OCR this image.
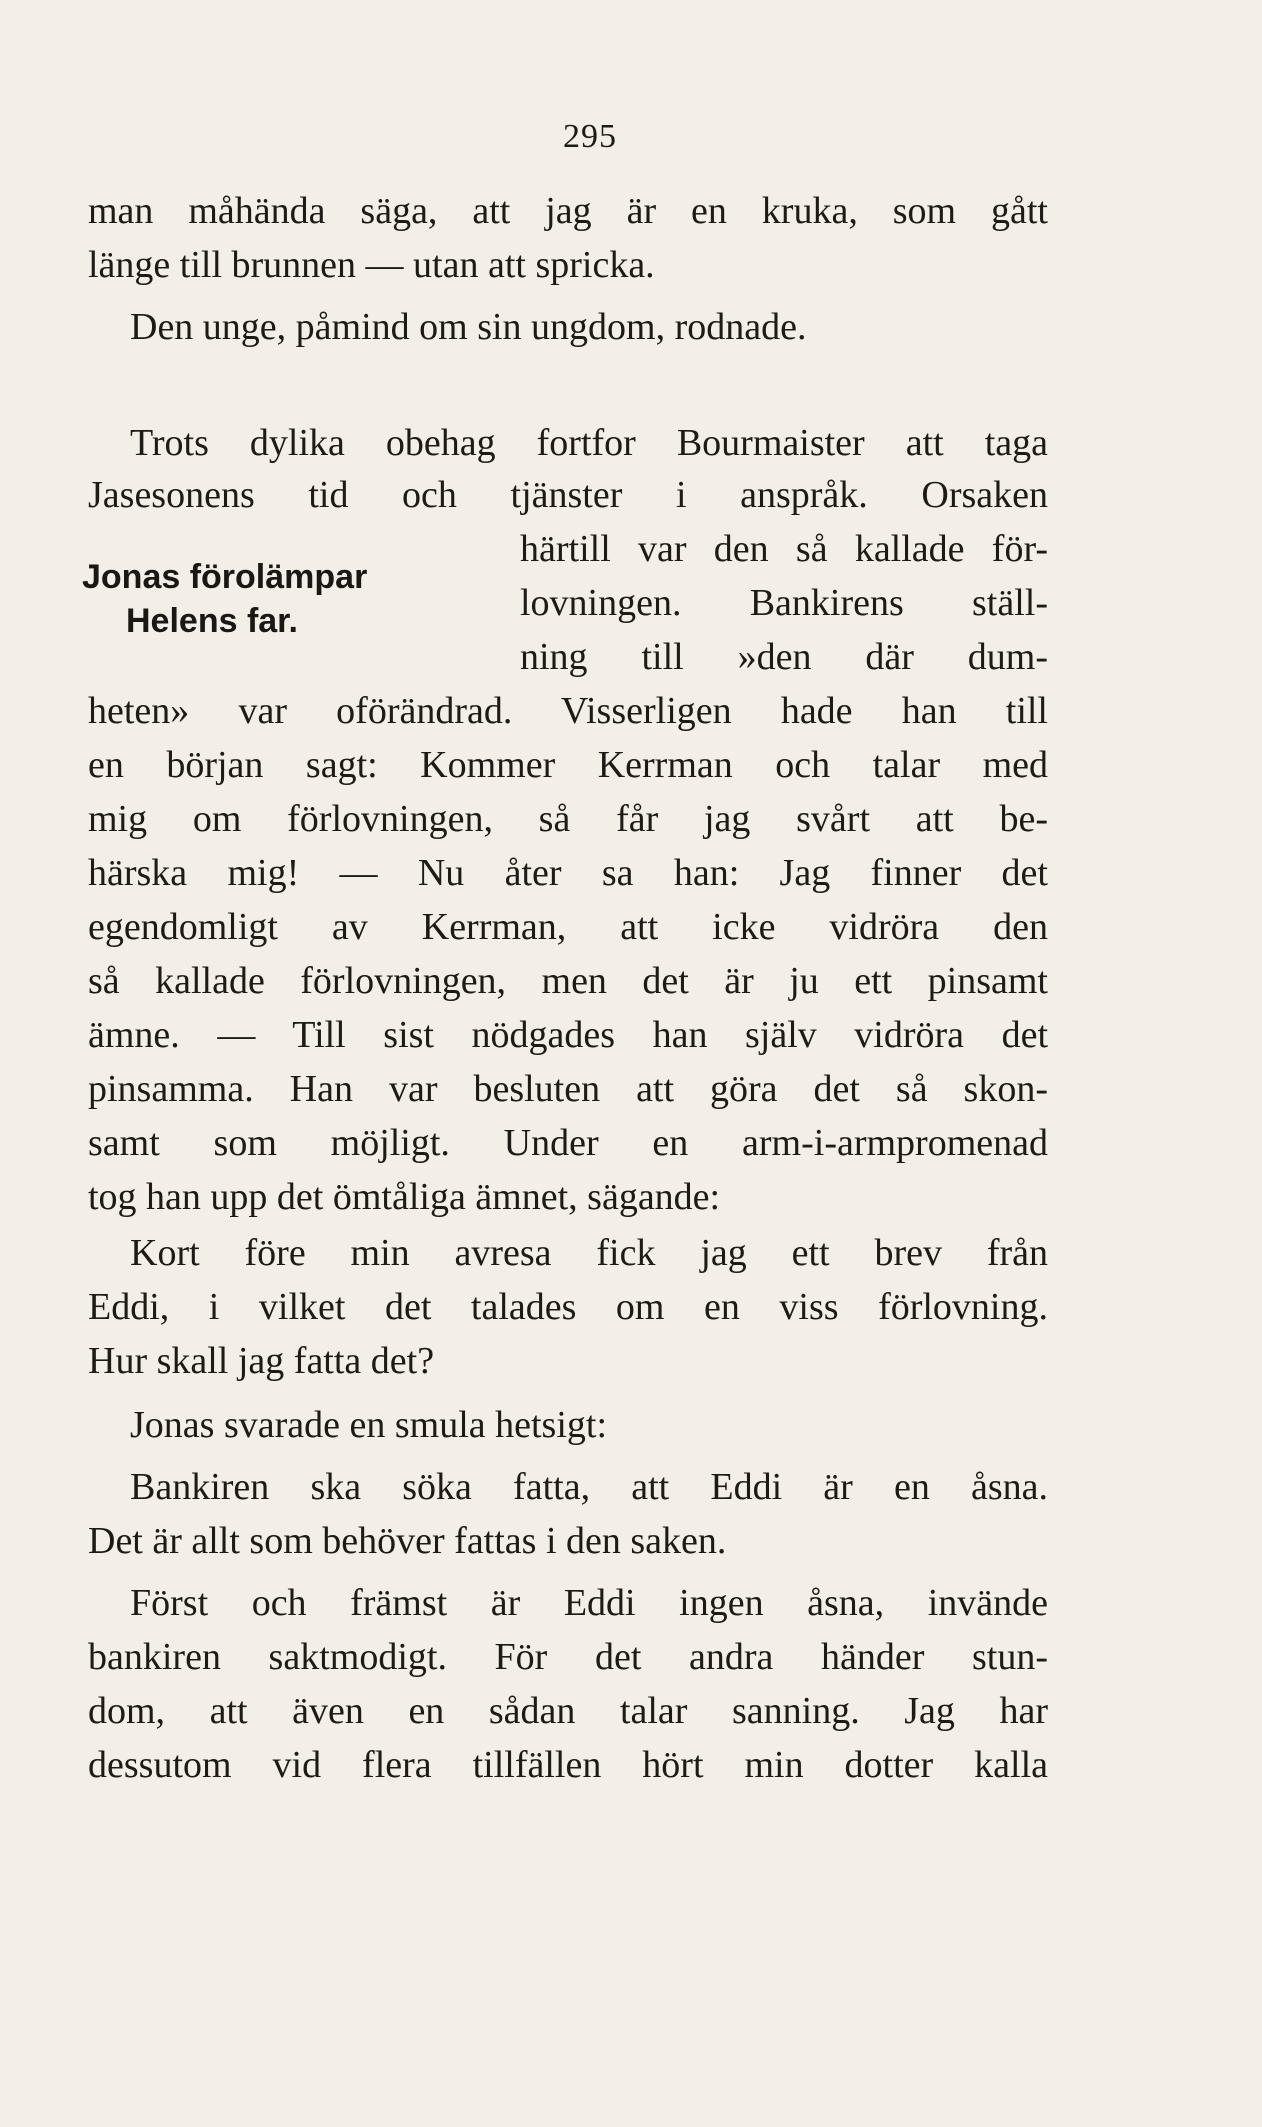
295
Jonas förolämpar
Helens far.
man måhända säga, att jag är en kruka, som gått
länge till brunnen — utan att spricka.
Den unge, påmind om sin ungdom, rodnade.
Trots dylika obehag fortfor Bourmaister att taga
Jasesonens tid och tjänster i anspråk. Orsaken
härtill var den så kallade för-
lovningen. Bankirens ställ-
ning till »den där dum-
heten» var oförändrad. Visserligen hade han till
en början sagt: Kommer Kerrman och talar med
mig om förlovningen, så får jag svårt att be-
härska mig! — Nu åter sa han: Jag finner det
egendomligt av Kerrman, att icke vidröra den
så kallade förlovningen, men det är ju ett pinsamt
ämne. — Till sist nödgades han själv vidröra det
pinsamma. Han var besluten att göra det så skon-
samt som möjligt. Under en arm-i-armpromenad
tog han upp det ömtåliga ämnet, sägande:
Kort före min avresa fick jag ett brev från
Eddi, i vilket det talades om en viss förlovning.
Hur skall jag fatta det?
Jonas svarade en smula hetsigt:
Bankiren ska söka fatta, att Eddi är en åsna.
Det är allt som behöver fattas i den saken.
Först och främst är Eddi ingen åsna, invände
bankiren saktmodigt. För det andra händer stun-
dom, att även en sådan talar sanning. Jag har
dessutom vid flera tillfällen hört min dotter kalla
